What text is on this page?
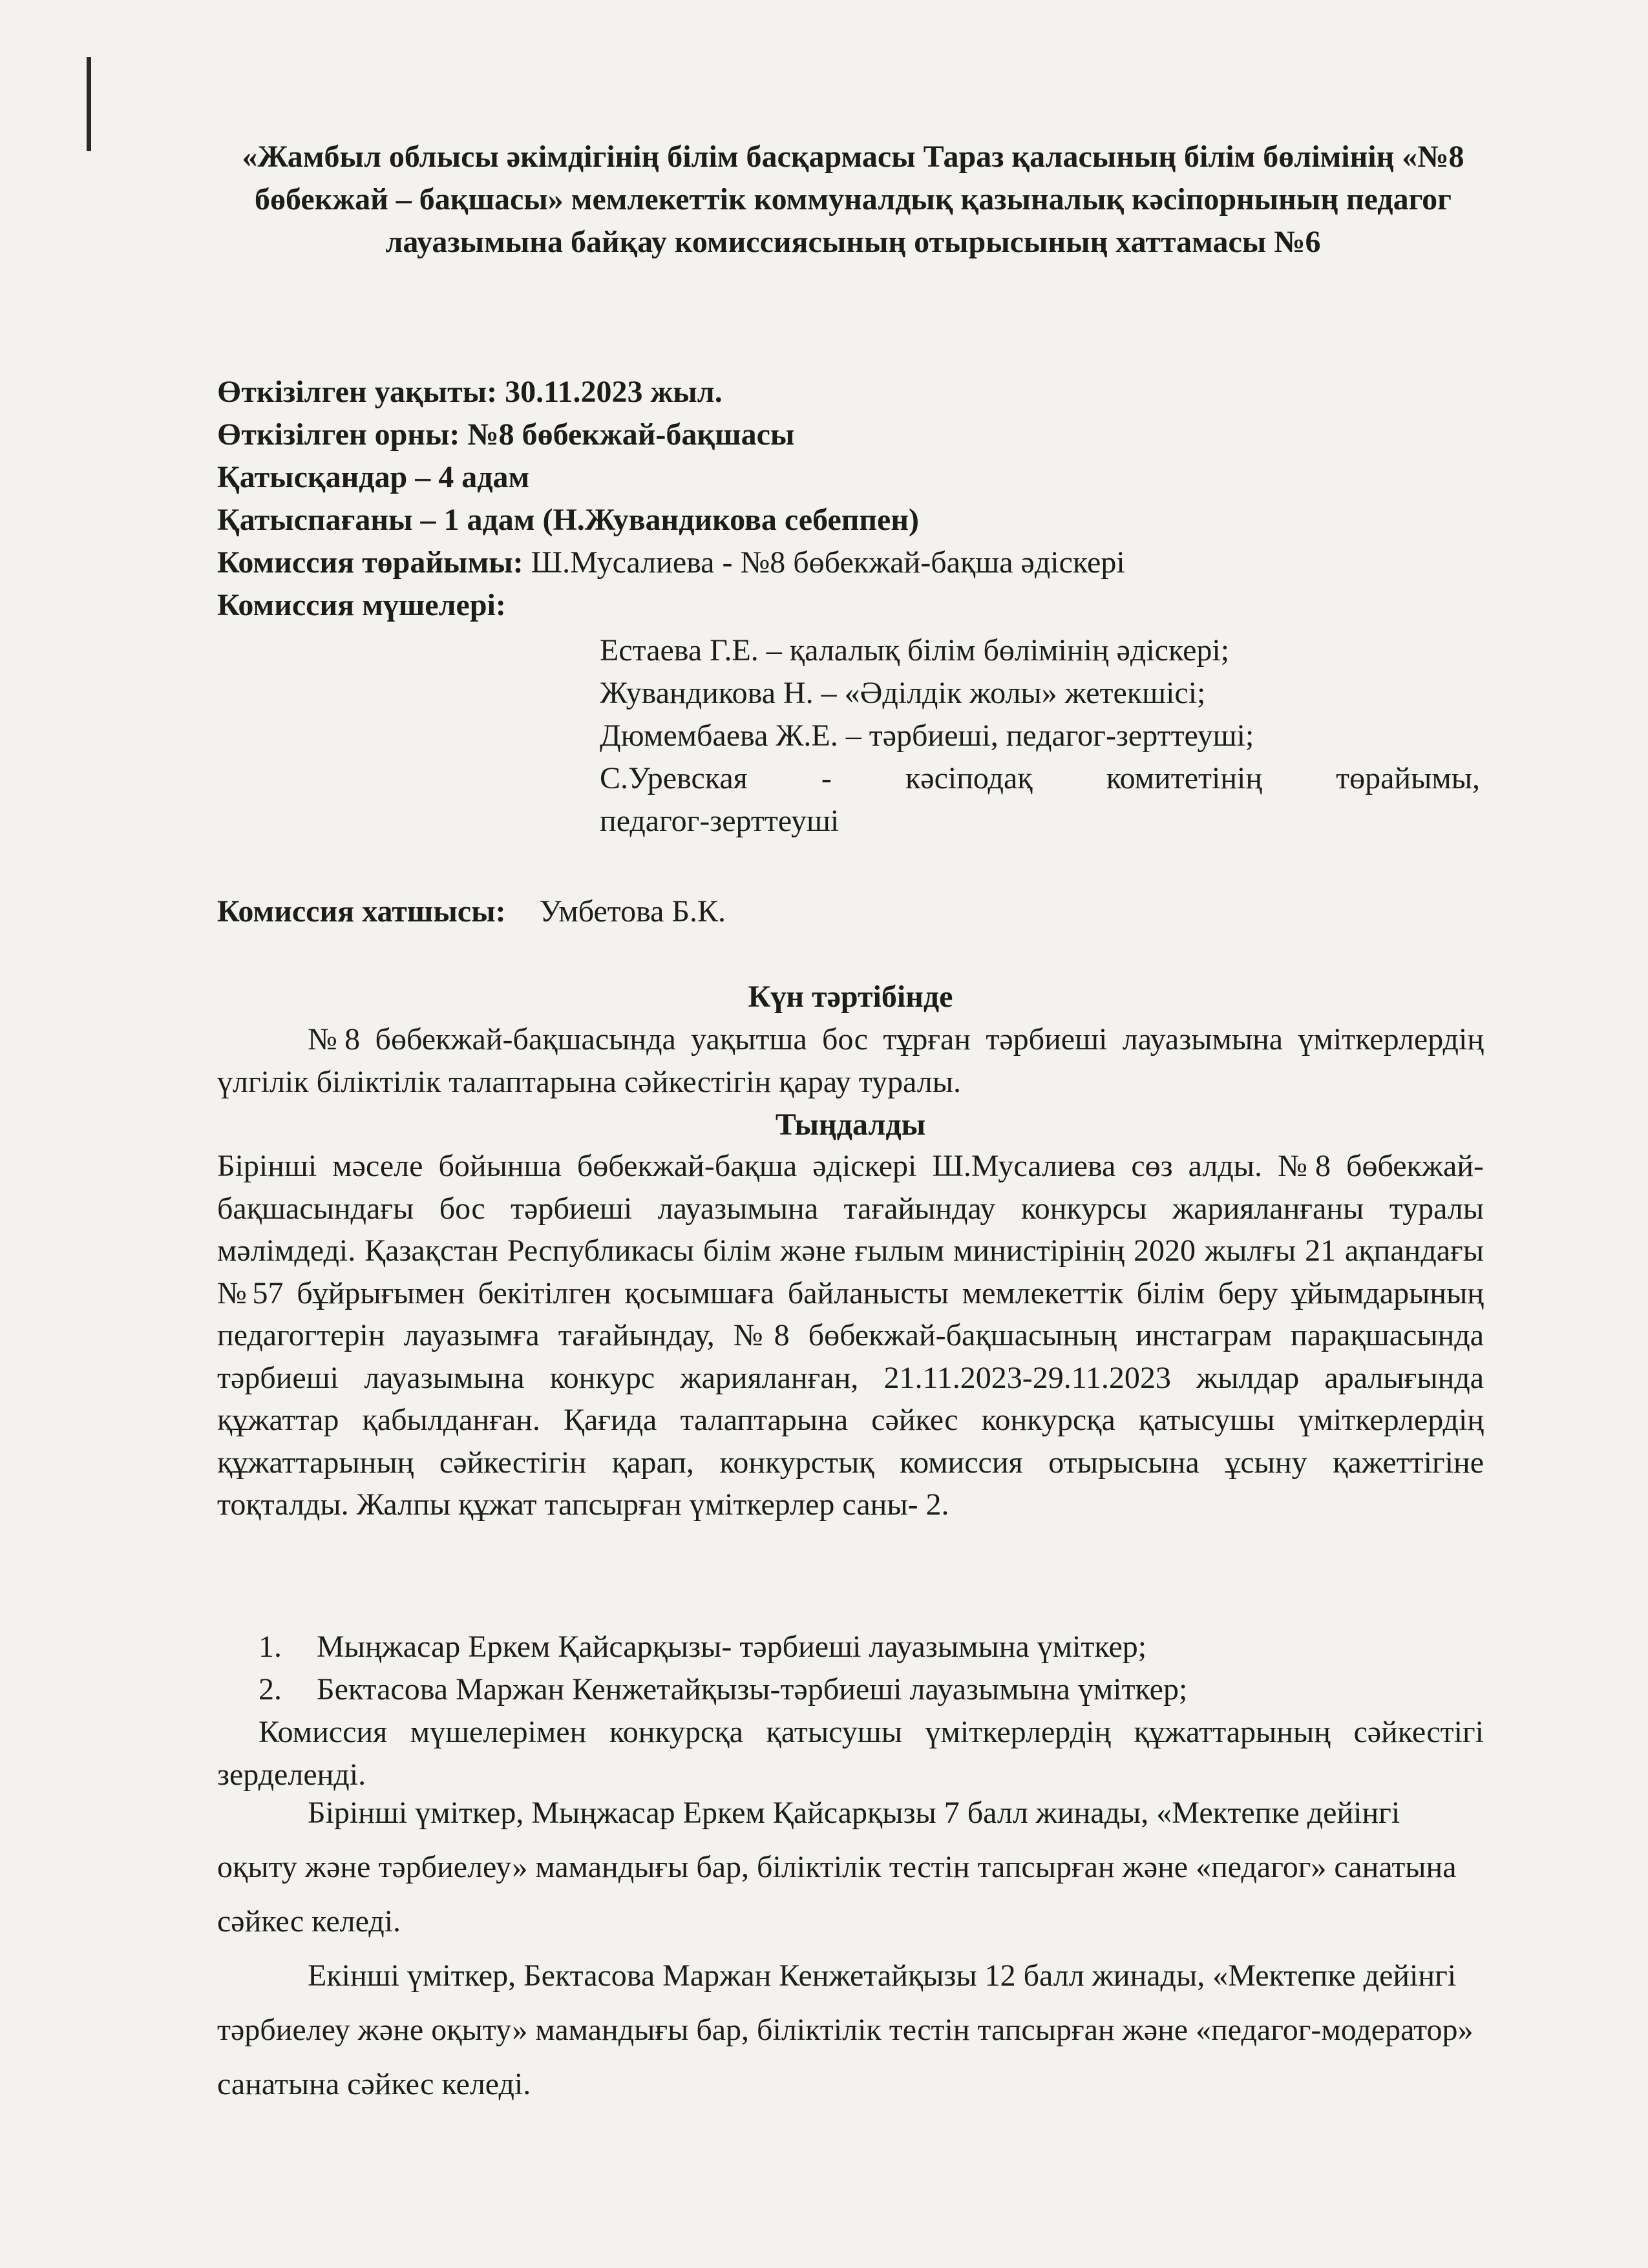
«Жамбыл облысы әкімдігінің білім басқармасы Тараз қаласының білім бөлімінің «№8 бөбекжай – бақшасы» мемлекеттік коммуналдық қазыналық кәсіпорнының педагог лауазымына байқау комиссиясының отырысының хаттамасы №6
Өткізілген уақыты: 30.11.2023 жыл.
Өткізілген орны: №8 бөбекжай-бақшасы
Қатысқандар – 4 адам
Қатыспағаны – 1 адам (Н.Жувандикова себеппен)
Комиссия төрайымы: Ш.Мусалиева - №8 бөбекжай-бақша әдіскері
Комиссия мүшелері:
Естаева Г.Е. – қалалық білім бөлімінің әдіскері;
Жувандикова Н. – «Әділдік жолы» жетекшісі;
Дюмембаева Ж.Е. – тәрбиеші, педагог-зерттеуші;
С.Уревская - кәсіподақ комитетінің төрайымы,
педагог-зерттеуші
Комиссия хатшысы: Умбетова Б.К.
Күн тәртібінде
№8 бөбекжай-бақшасында уақытша бос тұрған тәрбиеші лауазымына үміткерлердің үлгілік біліктілік талаптарына сәйкестігін қарау туралы.
Тыңдалды
Бірінші мәселе бойынша бөбекжай-бақша әдіскері Ш.Мусалиева сөз алды. №8 бөбекжай-бақшасындағы бос тәрбиеші лауазымына тағайындау конкурсы жарияланғаны туралы мәлімдеді. Қазақстан Республикасы білім және ғылым министірінің 2020 жылғы 21 ақпандағы №57 бұйрығымен бекітілген қосымшаға байланысты мемлекеттік білім беру ұйымдарының педагогтерін лауазымға тағайындау, №8 бөбекжай-бақшасының инстаграм парақшасында тәрбиеші лауазымына конкурс жарияланған, 21.11.2023-29.11.2023 жылдар аралығында құжаттар қабылданған. Қағида талаптарына сәйкес конкурсқа қатысушы үміткерлердің құжаттарының сәйкестігін қарап, конкурстық комиссия отырысына ұсыну қажеттігіне тоқталды. Жалпы құжат тапсырған үміткерлер саны- 2.
1. Мыңжасар Еркем Қайсарқызы- тәрбиеші лауазымына үміткер;
2. Бектасова Маржан Кенжетайқызы-тәрбиеші лауазымына үміткер;
Комиссия мүшелерімен конкурсқа қатысушы үміткерлердің құжаттарының сәйкестігі зерделенді.
Бірінші үміткер, Мыңжасар Еркем Қайсарқызы 7 балл жинады, «Мектепке дейінгі оқыту және тәрбиелеу» мамандығы бар, біліктілік тестін тапсырған және «педагог» санатына сәйкес келеді.
Екінші үміткер, Бектасова Маржан Кенжетайқызы 12 балл жинады, «Мектепке дейінгі тәрбиелеу және оқыту» мамандығы бар, біліктілік тестін тапсырған және «педагог-модератор» санатына сәйкес келеді.
